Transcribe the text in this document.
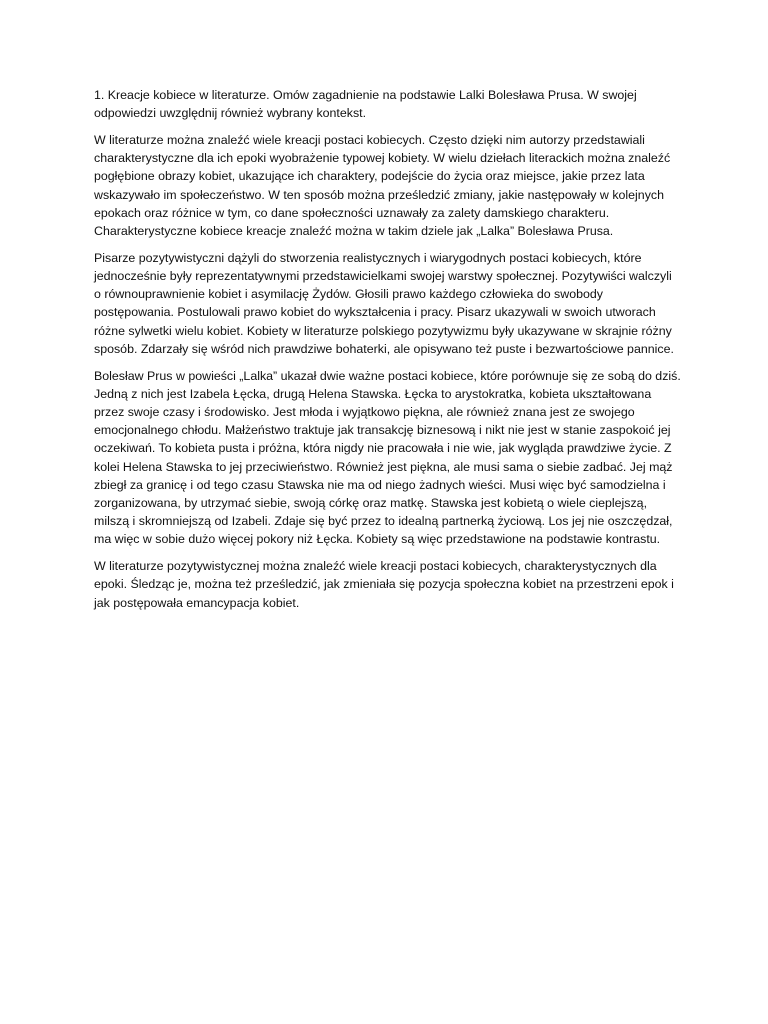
1. Kreacje kobiece w literaturze. Omów zagadnienie na podstawie Lalki Bolesława Prusa. W swojej odpowiedzi uwzględnij również wybrany kontekst.

W literaturze można znaleźć wiele kreacji postaci kobiecych. Często dzięki nim autorzy przedstawiali charakterystyczne dla ich epoki wyobrażenie typowej kobiety. W wielu dziełach literackich można znaleźć pogłębione obrazy kobiet, ukazujące ich charaktery, podejście do życia oraz miejsce, jakie przez lata wskazywało im społeczeństwo. W ten sposób można prześledzić zmiany, jakie następowały w kolejnych epokach oraz różnice w tym, co dane społeczności uznawały za zalety damskiego charakteru. Charakterystyczne kobiece kreacje znaleźć można w takim dziele jak „Lalka” Bolesława Prusa.

Pisarze pozytywistyczni dążyli do stworzenia realistycznych i wiarygodnych postaci kobiecych, które jednocześnie były reprezentatywnymi przedstawicielkami swojej warstwy społecznej. Pozytywiści walczyli o równouprawnienie kobiet i asymilację Żydów. Głosili prawo każdego człowieka do swobody postępowania. Postulowali prawo kobiet do wykształcenia i pracy. Pisarz ukazywali w swoich utworach różne sylwetki wielu kobiet. Kobiety w literaturze polskiego pozytywizmu były ukazywane w skrajnie różny sposób. Zdarzały się wśród nich prawdziwe bohaterki, ale opisywano też puste i bezwartościowe pannice.

Bolesław Prus w powieści „Lalka” ukazał dwie ważne postaci kobiece, które porównuje się ze sobą do dziś. Jedną z nich jest Izabela Łęcka, drugą Helena Stawska. Łęcka to arystokratka, kobieta ukształtowana przez swoje czasy i środowisko. Jest młoda i wyjątkowo piękna, ale również znana jest ze swojego emocjonalnego chłodu. Małżeństwo traktuje jak transakcję biznesową i nikt nie jest w stanie zaspokoić jej oczekiwań. To kobieta pusta i próżna, która nigdy nie pracowała i nie wie, jak wygląda prawdziwe życie. Z kolei Helena Stawska to jej przeciwieństwo. Również jest piękna, ale musi sama o siebie zadbać. Jej mąż zbiegł za granicę i od tego czasu Stawska nie ma od niego żadnych wieści. Musi więc być samodzielna i zorganizowana, by utrzymać siebie, swoją córkę oraz matkę. Stawska jest kobietą o wiele cieplejszą, milszą i skromniejszą od Izabeli. Zdaje się być przez to idealną partnerką życiową. Los jej nie oszczędzał, ma więc w sobie dużo więcej pokory niż Łęcka. Kobiety są więc przedstawione na podstawie kontrastu.

W literaturze pozytywistycznej można znaleźć wiele kreacji postaci kobiecych, charakterystycznych dla epoki. Śledząc je, można też prześledzić, jak zmieniała się pozycja społeczna kobiet na przestrzeni epok i jak postępowała emancypacja kobiet.
